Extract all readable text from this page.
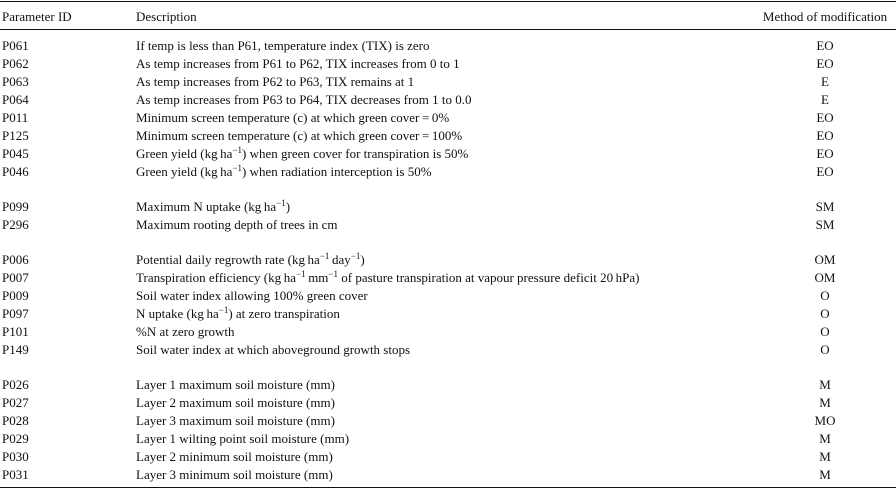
Parameter ID	Description	Method of modification
P061	If temp is less than P61, temperature index (TIX) is zero	EO
P062	As temp increases from P61 to P62, TIX increases from 0 to 1	EO
P063	As temp increases from P62 to P63, TIX remains at 1	E
P064	As temp increases from P63 to P64, TIX decreases from 1 to 0.0	E
P011	Minimum screen temperature (c) at which green cover = 0%	EO
P125	Minimum screen temperature (c) at which green cover = 100%	EO
P045	Green yield (kg $ha^{-1}$) when green cover for transpiration is 50%	EO
P046	Green yield (kg $ha^{-1}$) when radiation interception is 50%	EO
P099	Maximum N uptake (kg $ha^{-1}$)	SM
P296	Maximum rooting depth of trees in cm	SM
P006	Potential daily regrowth rate (kg $ha^{-1}$ day$^{-1}$)	OM
P007	Transpiration efficiency (kg $ha^{-1}$ $mm^{-1}$ of pasture transpiration at vapour pressure deficit 20 hPa)	OM
P009	Soil water index allowing 100% green cover	O
P097	N uptake (kg $ha^{-1}$) at zero transpiration	O
P101	%N at zero growth	O
P149	Soil water index at which aboveground growth stops	O
P026	Layer 1 maximum soil moisture (mm)	M
P027	Layer 2 maximum soil moisture (mm)	M
P028	Layer 3 maximum soil moisture (mm)	MO
P029	Layer 1 wilting point soil moisture (mm)	M
P030	Layer 2 minimum soil moisture (mm)	M
P031	Layer 3 minimum soil moisture (mm)	M
